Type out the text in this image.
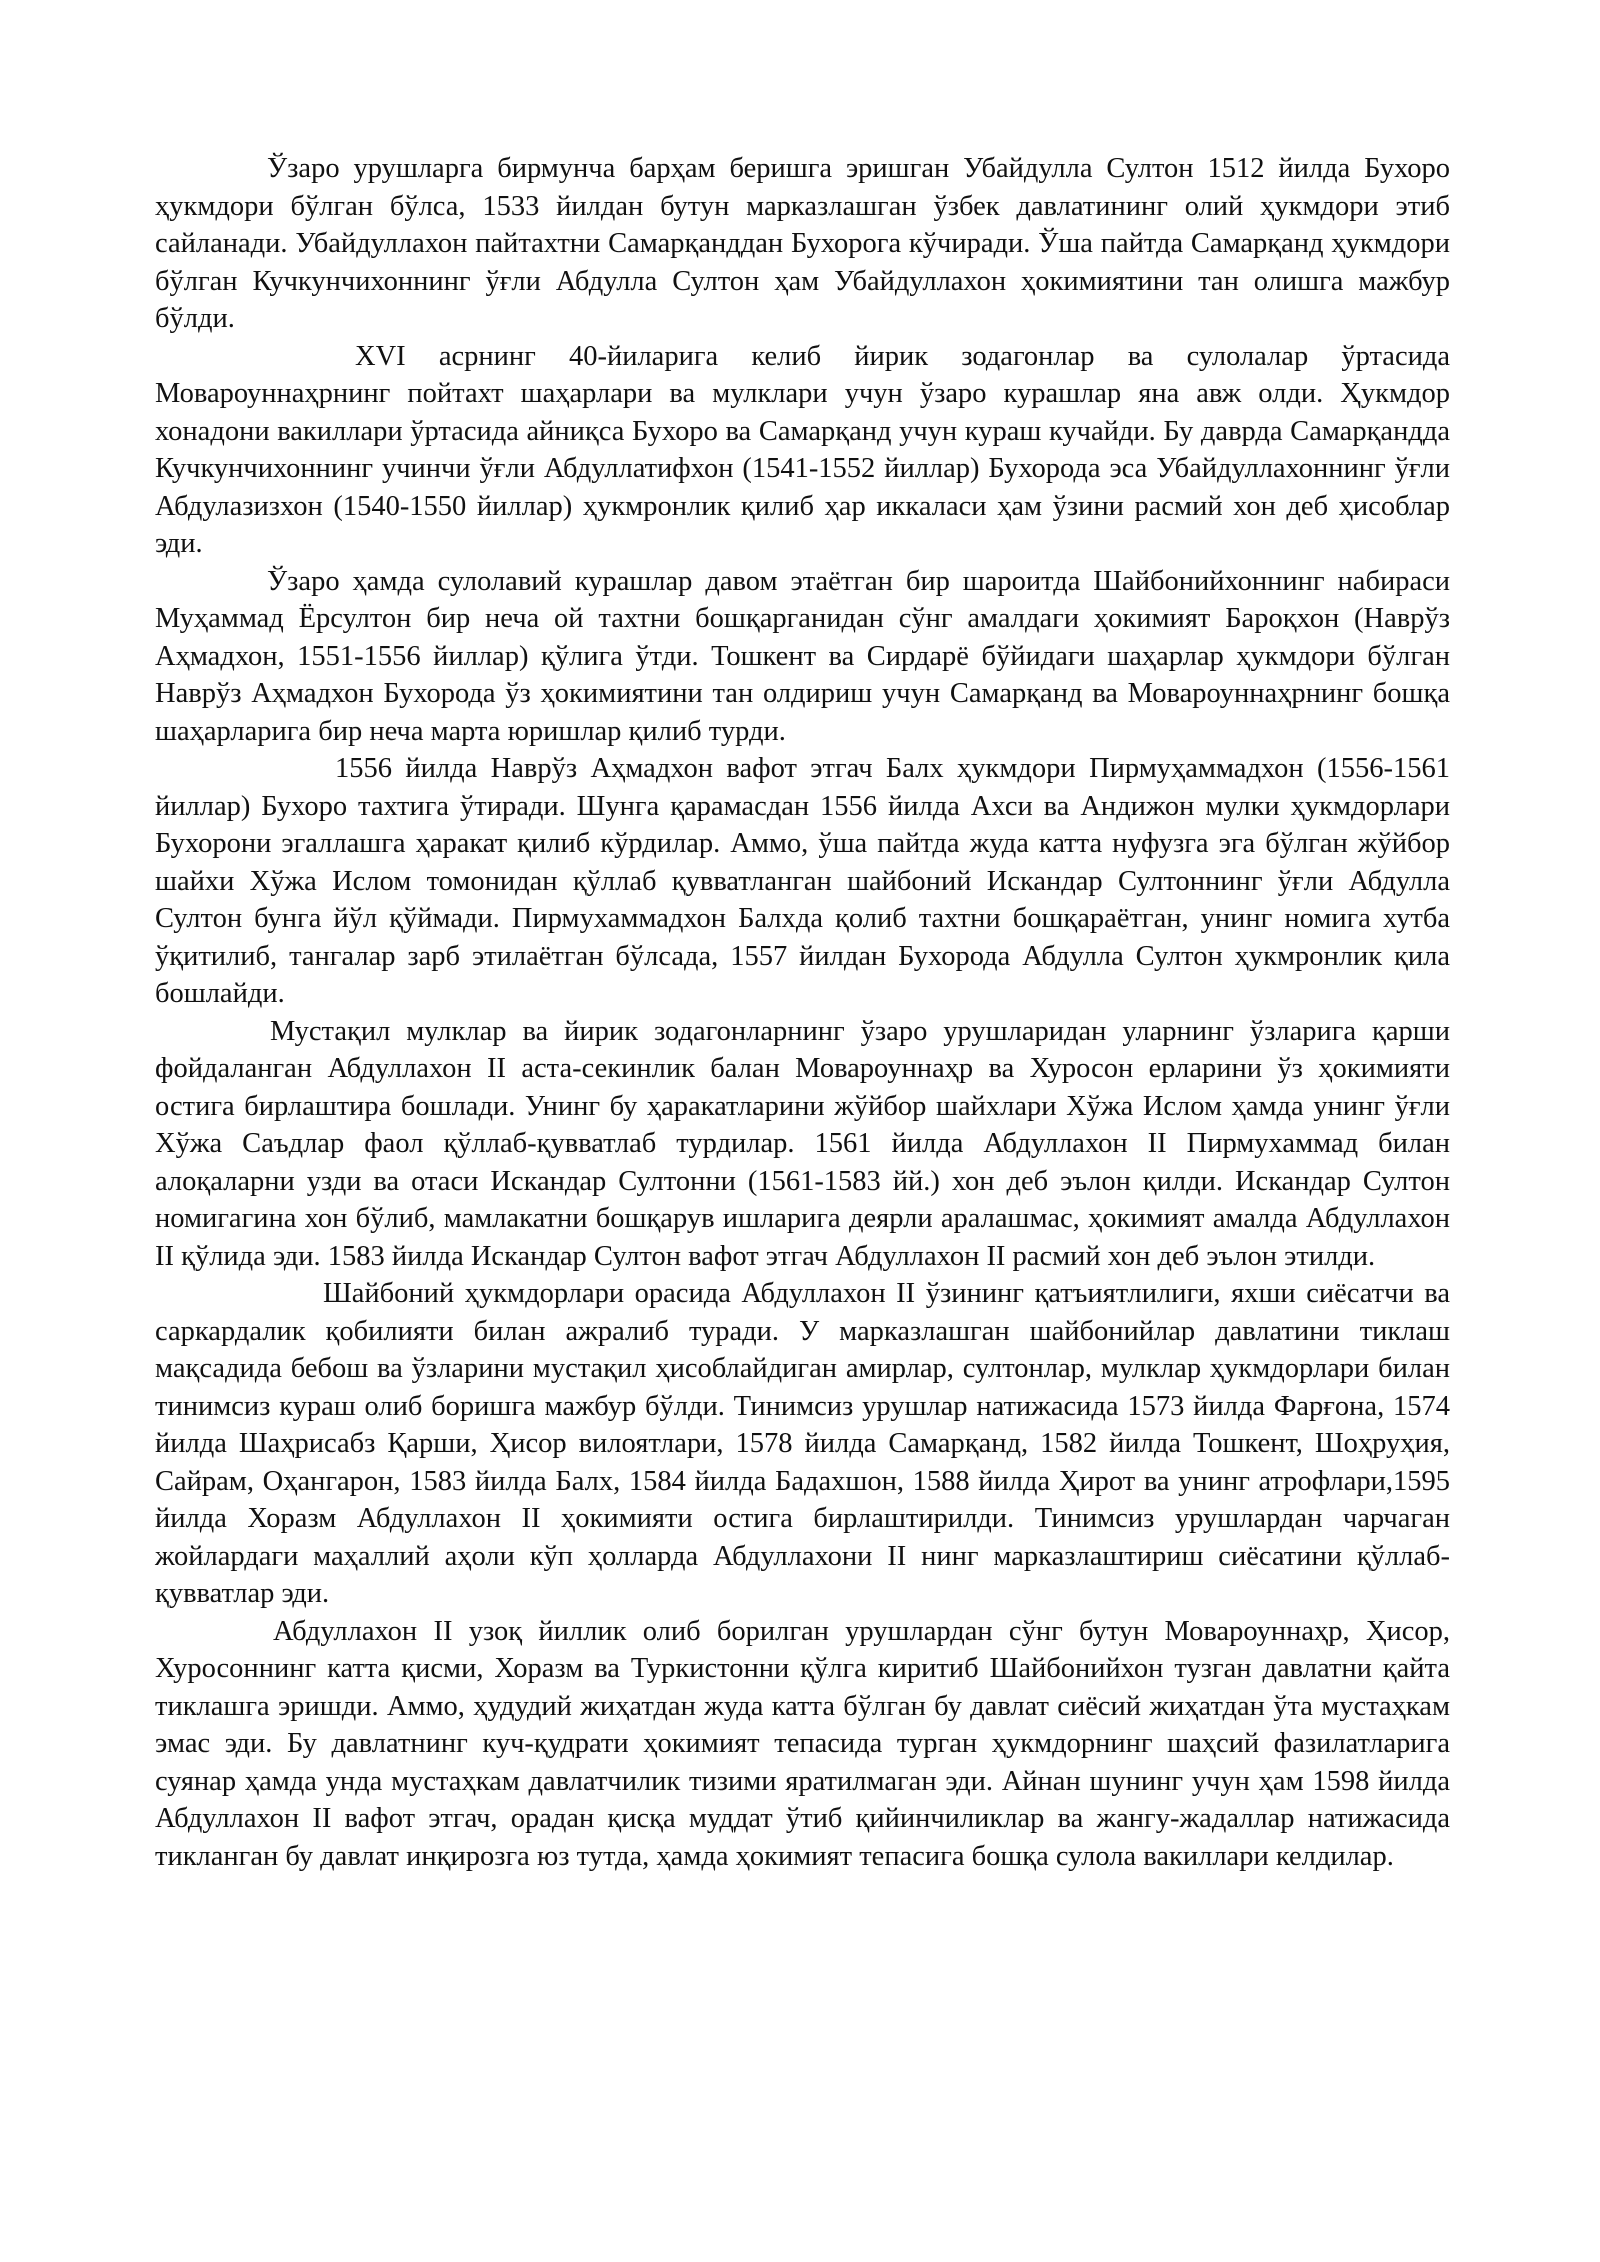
Ўзаро урушларга бирмунча барҳам беришга эришган Убайдулла Султон 1512 йилда Бухоро ҳукмдори бўлган бўлса, 1533 йилдан бутун марказлашган ўзбек давлатининг олий ҳукмдори этиб сайланади. Убайдуллахон пайтахтни Самарқанддан Бухорога кўчиради. Ўша пайтда Самарқанд ҳукмдори бўлган Кучкунчихоннинг ўғли Абдулла Султон ҳам Убайдуллахон ҳокимиятини тан олишга мажбур бўлди.

XVI асрнинг 40-йиларига келиб йирик зодагонлар ва сулолалар ўртасида Мовароуннаҳрнинг пойтахт шаҳарлари ва мулклари учун ўзаро курашлар яна авж олди. Ҳукмдор хонадони вакиллари ўртасида айниқса Бухоро ва Самарқанд учун кураш кучайди. Бу даврда Самарқандда Кучкунчихоннинг учинчи ўғли Абдуллатифхон (1541-1552 йиллар) Бухорода эса Убайдуллахоннинг ўғли Абдулазизхон (1540-1550 йиллар) ҳукмронлик қилиб ҳар иккаласи ҳам ўзини расмий хон деб ҳисоблар эди.

Ўзаро ҳамда сулолавий курашлар давом этаётган бир шароитда Шайбонийхоннинг набираси Муҳаммад Ёрсултон бир неча ой тахтни бошқарганидан сўнг амалдаги ҳокимият Бароқхон (Наврўз Аҳмадхон, 1551-1556 йиллар) қўлига ўтди. Тошкент ва Сирдарё бўйидаги шаҳарлар ҳукмдори бўлган Наврўз Аҳмадхон Бухорода ўз ҳокимиятини тан олдириш учун Самарқанд ва Мовароуннаҳрнинг бошқа шаҳарларига бир неча марта юришлар қилиб турди.

1556 йилда Наврўз Аҳмадхон вафот этгач Балх ҳукмдори Пирмуҳаммадхон (1556-1561 йиллар) Бухоро тахтига ўтиради. Шунга қарамасдан 1556 йилда Ахси ва Андижон мулки ҳукмдорлари Бухорони эгаллашга ҳаракат қилиб кўрдилар. Аммо, ўша пайтда жуда катта нуфузга эга бўлган жўйбор шайхи Хўжа Ислом томонидан қўллаб қувватланган шайбоний Искандар Султоннинг ўғли Абдулла Султон бунга йўл қўймади. Пирмухаммадхон Балхда қолиб тахтни бошқараётган, унинг номига хутба ўқитилиб, тангалар зарб этилаётган бўлсада, 1557 йилдан Бухорода Абдулла Султон ҳукмронлик қила бошлайди.

Мустақил мулклар ва йирик зодагонларнинг ўзаро урушларидан уларнинг ўзларига қарши фойдаланган Абдуллахон II аста-секинлик балан Мовароуннаҳр ва Хуросон ерларини ўз ҳокимияти остига бирлаштира бошлади. Унинг бу ҳаракатларини жўйбор шайхлари Хўжа Ислом ҳамда унинг ўғли Хўжа Саъдлар фаол қўллаб-қувватлаб турдилар. 1561 йилда Абдуллахон II Пирмухаммад билан алоқаларни узди ва отаси Искандар Султонни (1561-1583 йй.) хон деб эълон қилди. Искандар Султон номигагина хон бўлиб, мамлакатни бошқарув ишларига деярли аралашмас, ҳокимият амалда Абдуллахон II қўлида эди. 1583 йилда Искандар Султон вафот этгач Абдуллахон II расмий хон деб эълон этилди.

Шайбоний ҳукмдорлари орасида Абдуллахон II ўзининг қатъиятлилиги, яхши сиёсатчи ва саркардалик қобилияти билан ажралиб туради. У марказлашган шайбонийлар давлатини тиклаш мақсадида бебош ва ўзларини мустақил ҳисоблайдиган амирлар, султонлар, мулклар ҳукмдорлари билан тинимсиз кураш олиб боришга мажбур бўлди. Тинимсиз урушлар натижасида 1573 йилда Фарғона, 1574 йилда Шаҳрисабз Қарши, Ҳисор вилоятлари, 1578 йилда Самарқанд, 1582 йилда Тошкент, Шоҳруҳия, Сайрам, Оҳангарон, 1583 йилда Балх, 1584 йилда Бадахшон, 1588 йилда Ҳирот ва унинг атрофлари,1595 йилда Хоразм Абдуллахон II ҳокимияти остига бирлаштирилди. Тинимсиз урушлардан чарчаган жойлардаги маҳаллий аҳоли кўп ҳолларда Абдуллахони II нинг марказлаштириш сиёсатини қўллаб-қувватлар эди.

Абдуллахон II узоқ йиллик олиб борилган урушлардан сўнг бутун Мовароуннаҳр, Ҳисор, Хуросоннинг катта қисми, Хоразм ва Туркистонни қўлга киритиб Шайбонийхон тузган давлатни қайта тиклашга эришди. Аммо, ҳудудий жиҳатдан жуда катта бўлган бу давлат сиёсий жиҳатдан ўта мустаҳкам эмас эди. Бу давлатнинг куч-қудрати ҳокимият тепасида турган ҳукмдорнинг шаҳсий фазилатларига суянар ҳамда унда мустаҳкам давлатчилик тизими яратилмаган эди. Айнан шунинг учун ҳам 1598 йилда Абдуллахон II вафот этгач, орадан қисқа муддат ўтиб қийинчиликлар ва жангу-жадаллар натижасида тикланган бу давлат инқирозга юз тутда, ҳамда ҳокимият тепасига бошқа сулола вакиллари келдилар.
